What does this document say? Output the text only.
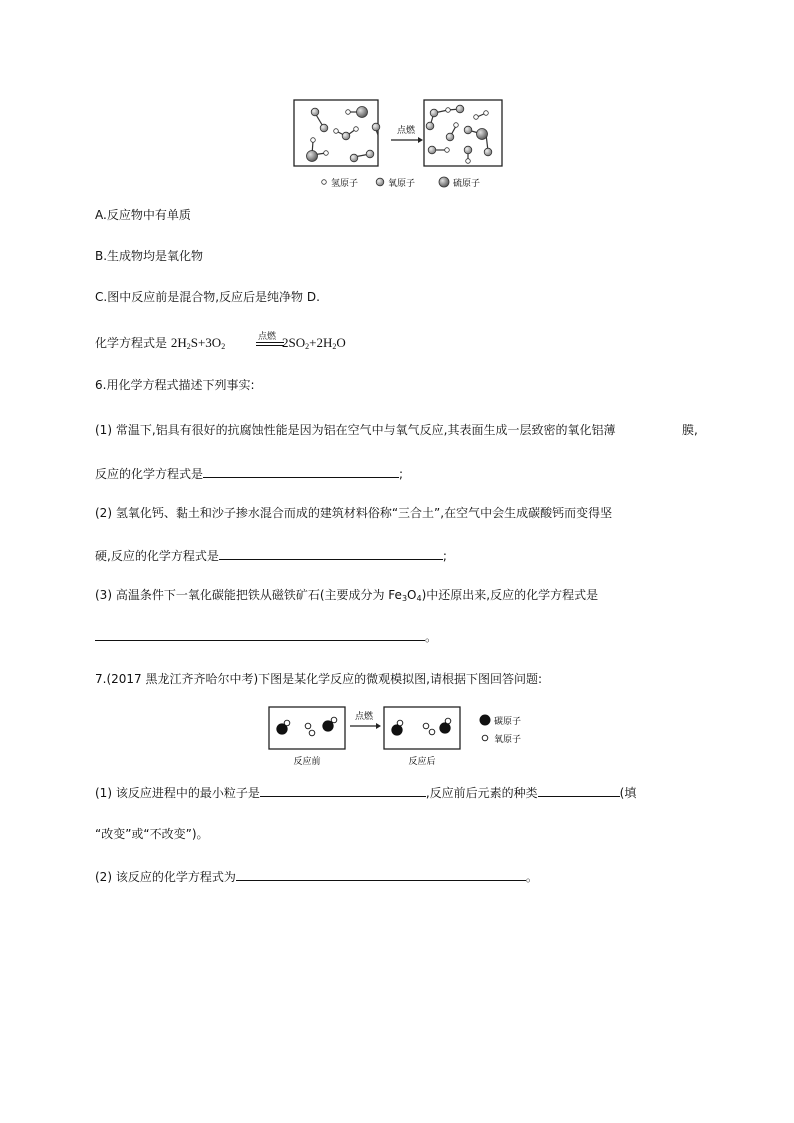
点燃
氢原子	氧原子	硫原子
A.反应物中有单质
B.生成物均是氧化物
C.图中反应前是混合物,反应后是纯净物 D.
化学方程式是 $2H_2S+3O_2$
点燃 $2SO_2+2H_2O$
6.用化学方程式描述下列事实:
(1) 常温下,铝具有很好的抗腐蚀性能是因为铝在空气中与氧气反应,其表面生成一层致密的氧化铝薄	膜,
反应的化学方程式是	;
(2) 氢氧化钙、黏土和沙子掺水混合而成的建筑材料俗称“三合土”,在空气中会生成碳酸钙而变得坚
硬,反应的化学方程式是	;
(3) 高温条件下一氧化碳能把铁从磁铁矿石(主要成分为 $Fe3O_4$)中还原出来,反应的化学方程式是
。
7.(2017 黑龙江齐齐哈尔中考)下图是某化学反应的微观模拟图,请根据下图回答问题:
点燃
反应前	反应后
碳原子
氧原子
(1) 该反应进程中的最小粒子是	,反应前后元素的种类	(填
“改变”或“不改变”)。
(2) 该反应的化学方程式为	。
